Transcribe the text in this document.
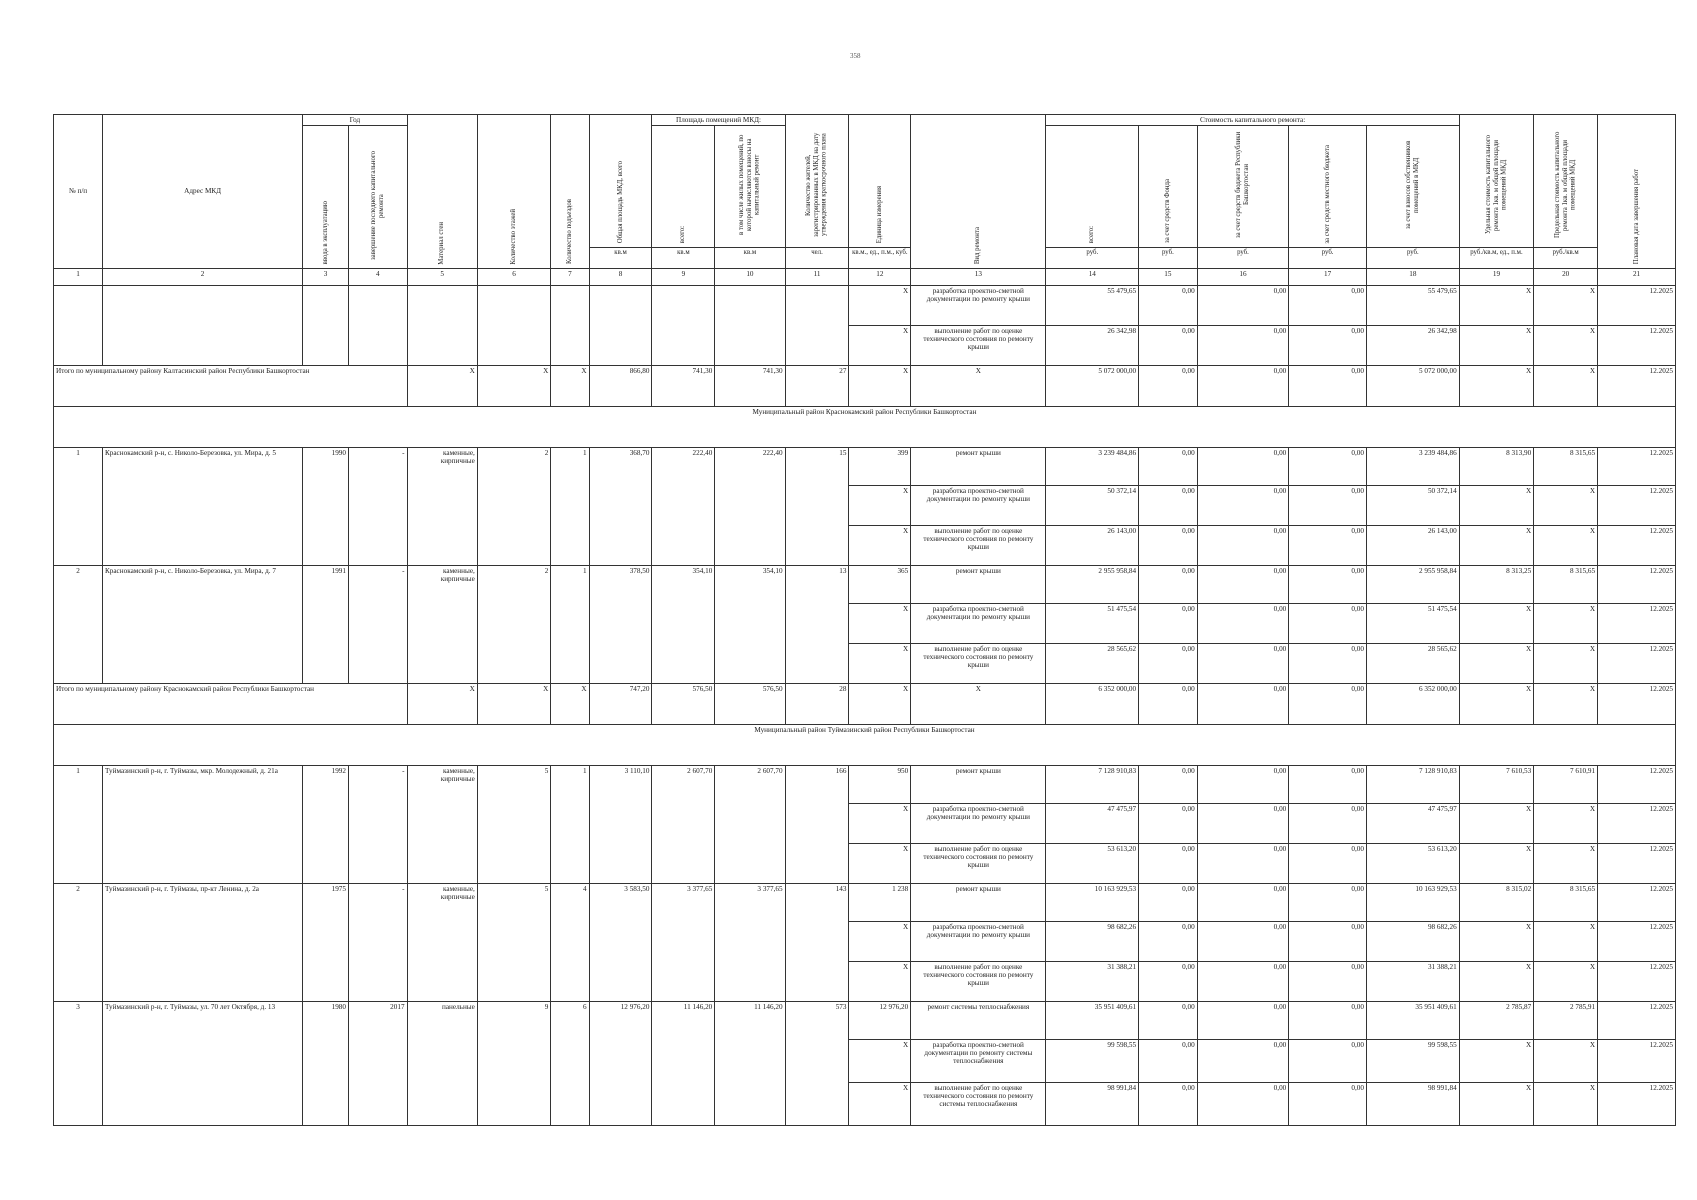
358
№ п/п	Адрес МКД	Год		Материал стен	Количество этажей	Количество подъездов	Общая площадь МКД, всего	Площадь помещений МКД:		Количество жителей, зарегистрированных в МКД на дату утверждения краткосрочного плана	Единица измерения	Вид ремонта	Стоимость капитального ремонта:					Удельная стоимость капитального ремонта 1кв. м общей площади помещений МКД	Предельная стоимость капитального ремонта 1кв. м общей площади помещений МКД	Плановая дата завершения работ
		ввода в эксплуатацию	завершение последнего капитального ремонта					всего:	в том числе жилых помещений, по которой начисляются взносы на капитальный ремонт				всего:	за счет средств Фонда	за счет средств бюджета Республики Башкортостан	за счет средств местного бюджета	за счет взносов собственников помещений в МКД			
							кв.м	кв.м	кв.м	чел.	кв.м., ед., п.м., куб.		руб.	руб.	руб.	руб.	руб.	руб./кв.м, ед., п.м.	руб./кв.м	
1	2	3	4	5	6	7	8	9	10	11	12	13	14	15	16	17	18	19	20	21
											Х	разработка проектно-сметной документации по ремонту крыши	55 479,65	0,00	0,00	0,00	55 479,65	Х	Х	12.2025
											Х	выполнение работ по оценке технического состояния по ремонту крыши	26 342,98	0,00	0,00	0,00	26 342,98	Х	Х	12.2025
Итого по муниципальному району Калтасинский район Республики Башкортостан				Х	Х	Х	866,80	741,30	741,30	27	Х	Х	5 072 000,00	0,00	0,00	0,00	5 072 000,00	Х	Х	12.2025
Муниципальный район Краснокамский район Республики Башкортостан																				
1	Краснокамский р-н, с. Николо-Березовка, ул. Мира, д. 5	1990	-	каменные, кирпичные	2	1	368,70	222,40	222,40	15	399	ремонт крыши	3 239 484,86	0,00	0,00	0,00	3 239 484,86	8 313,90	8 315,65	12.2025
											Х	разработка проектно-сметной документации по ремонту крыши	50 372,14	0,00	0,00	0,00	50 372,14	Х	Х	12.2025
											Х	выполнение работ по оценке технического состояния по ремонту крыши	26 143,00	0,00	0,00	0,00	26 143,00	Х	Х	12.2025
2	Краснокамский р-н, с. Николо-Березовка, ул. Мира, д. 7	1991	-	каменные, кирпичные	2	1	378,50	354,10	354,10	13	365	ремонт крыши	2 955 958,84	0,00	0,00	0,00	2 955 958,84	8 313,25	8 315,65	12.2025
											Х	разработка проектно-сметной документации по ремонту крыши	51 475,54	0,00	0,00	0,00	51 475,54	Х	Х	12.2025
											Х	выполнение работ по оценке технического состояния по ремонту крыши	28 565,62	0,00	0,00	0,00	28 565,62	Х	Х	12.2025
Итого по муниципальному району Краснокамский район Республики Башкортостан				Х	Х	Х	747,20	576,50	576,50	28	Х	Х	6 352 000,00	0,00	0,00	0,00	6 352 000,00	Х	Х	12.2025
Муниципальный район Туймазинский район Республики Башкортостан																				
1	Туймазинский р-н, г. Туймазы, мкр. Молодежный, д. 21а	1992	-	каменные, кирпичные	5	1	3 110,10	2 607,70	2 607,70	166	950	ремонт крыши	7 128 910,83	0,00	0,00	0,00	7 128 910,83	7 610,53	7 610,91	12.2025
											Х	разработка проектно-сметной документации по ремонту крыши	47 475,97	0,00	0,00	0,00	47 475,97	Х	Х	12.2025
											Х	выполнение работ по оценке технического состояния по ремонту крыши	53 613,20	0,00	0,00	0,00	53 613,20	Х	Х	12.2025
2	Туймазинский р-н, г. Туймазы, пр-кт Ленина, д. 2а	1975	-	каменные, кирпичные	5	4	3 583,50	3 377,65	3 377,65	143	1 238	ремонт крыши	10 163 929,53	0,00	0,00	0,00	10 163 929,53	8 315,02	8 315,65	12.2025
											Х	разработка проектно-сметной документации по ремонту крыши	98 682,26	0,00	0,00	0,00	98 682,26	Х	Х	12.2025
											Х	выполнение работ по оценке технического состояния по ремонту крыши	31 388,21	0,00	0,00	0,00	31 388,21	Х	Х	12.2025
3	Туймазинский р-н, г. Туймазы, ул. 70 лет Октября, д. 13	1980	2017	панельные	9	6	12 976,20	11 146,20	11 146,20	573	12 976,20	ремонт системы теплоснабжения	35 951 409,61	0,00	0,00	0,00	35 951 409,61	2 785,87	2 785,91	12.2025
											Х	разработка проектно-сметной документации по ремонту системы теплоснабжения	99 598,55	0,00	0,00	0,00	99 598,55	Х	Х	12.2025
											Х	выполнение работ по оценке технического состояния по ремонту системы теплоснабжения	98 991,84	0,00	0,00	0,00	98 991,84	Х	Х	12.2025
